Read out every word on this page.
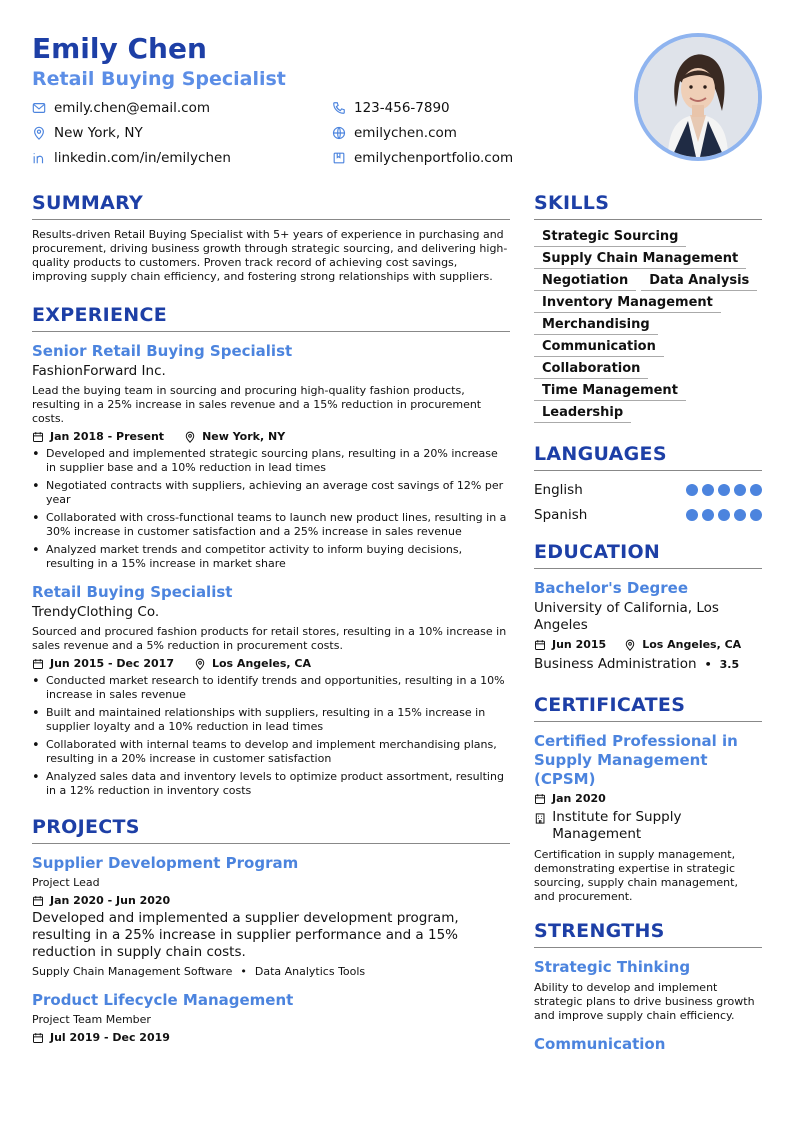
Emily Chen
Retail Buying Specialist
emily.chen@email.com	123-456-7890
New York, NY	emilychen.com
linkedin.com/in/emilychen	emilychenportfolio.com
SUMMARY
Results-driven Retail Buying Specialist with 5+ years of experience in purchasing and procurement, driving business growth through strategic sourcing, and delivering high-quality products to customers. Proven track record of achieving cost savings, improving supply chain efficiency, and fostering strong relationships with suppliers.
EXPERIENCE
Senior Retail Buying Specialist
FashionForward Inc.
Lead the buying team in sourcing and procuring high-quality fashion products, resulting in a 25% increase in sales revenue and a 15% reduction in procurement costs.
Jan 2018 - Present	New York, NY
• Developed and implemented strategic sourcing plans, resulting in a 20% increase in supplier base and a 10% reduction in lead times
• Negotiated contracts with suppliers, achieving an average cost savings of 12% per year
• Collaborated with cross-functional teams to launch new product lines, resulting in a 30% increase in customer satisfaction and a 25% increase in sales revenue
• Analyzed market trends and competitor activity to inform buying decisions, resulting in a 15% increase in market share
Retail Buying Specialist
TrendyClothing Co.
Sourced and procured fashion products for retail stores, resulting in a 10% increase in sales revenue and a 5% reduction in procurement costs.
Jun 2015 - Dec 2017	Los Angeles, CA
• Conducted market research to identify trends and opportunities, resulting in a 10% increase in sales revenue
• Built and maintained relationships with suppliers, resulting in a 15% increase in supplier loyalty and a 10% reduction in lead times
• Collaborated with internal teams to develop and implement merchandising plans, resulting in a 20% increase in customer satisfaction
• Analyzed sales data and inventory levels to optimize product assortment, resulting in a 12% reduction in inventory costs
PROJECTS
Supplier Development Program
Project Lead
Jan 2020 - Jun 2020
Developed and implemented a supplier development program, resulting in a 25% increase in supplier performance and a 15% reduction in supply chain costs.
Supply Chain Management Software • Data Analytics Tools
Product Lifecycle Management
Project Team Member
Jul 2019 - Dec 2019
SKILLS
Strategic Sourcing
Supply Chain Management
Negotiation	Data Analysis
Inventory Management
Merchandising
Communication
Collaboration
Time Management
Leadership
LANGUAGES
English
Spanish
EDUCATION
Bachelor's Degree
University of California, Los Angeles
Jun 2015	Los Angeles, CA
Business Administration • 3.5
CERTIFICATES
Certified Professional in Supply Management (CPSM)
Jan 2020
Institute for Supply Management
Certification in supply management, demonstrating expertise in strategic sourcing, supply chain management, and procurement.
STRENGTHS
Strategic Thinking
Ability to develop and implement strategic plans to drive business growth and improve supply chain efficiency.
Communication
